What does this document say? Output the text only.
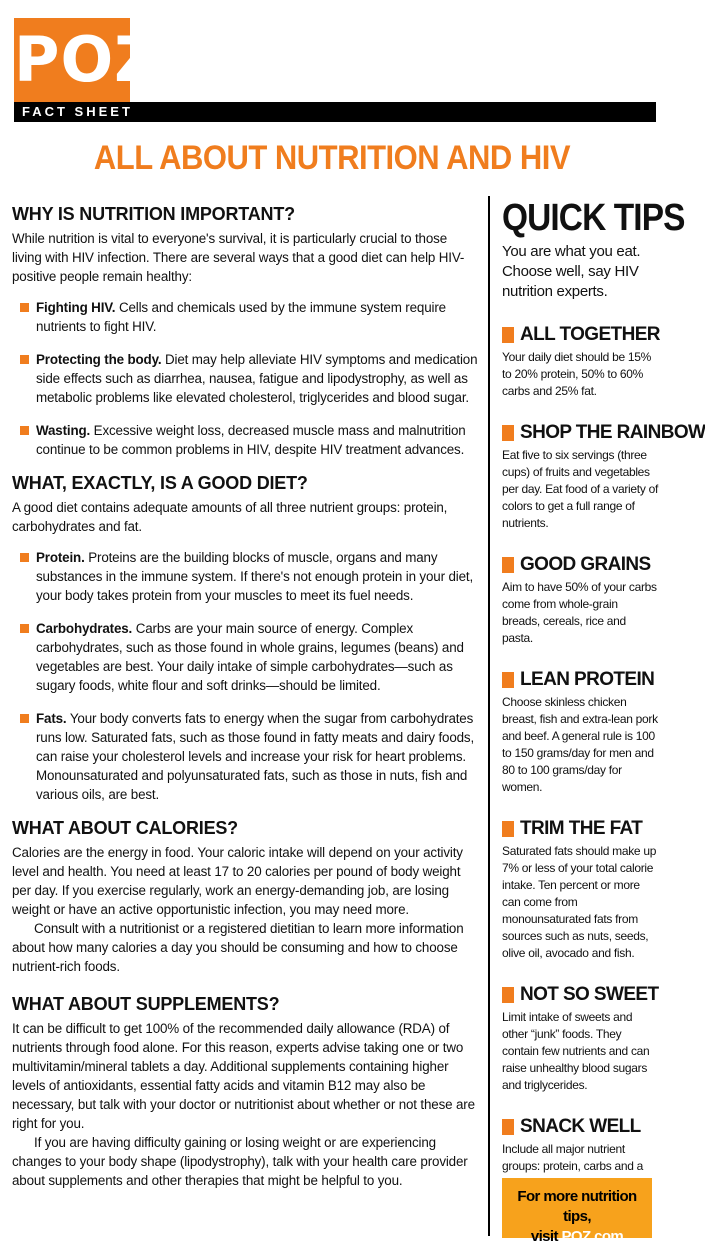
POZ
FACT SHEET
ALL ABOUT NUTRITION AND HIV
WHY IS NUTRITION IMPORTANT?

While nutrition is vital to everyone's survival, it is particularly crucial to those living with HIV infection. There are several ways that a good diet can help HIV-positive people remain healthy:

Fighting HIV. Cells and chemicals used by the immune system require nutrients to fight HIV.
Protecting the body. Diet may help alleviate HIV symptoms and medication side effects such as diarrhea, nausea, fatigue and lipodystrophy, as well as metabolic problems like elevated cholesterol, triglycerides and blood sugar.
Wasting. Excessive weight loss, decreased muscle mass and malnutrition continue to be common problems in HIV, despite HIV treatment advances.
WHAT, EXACTLY, IS A GOOD DIET?

A good diet contains adequate amounts of all three nutrient groups: protein, carbohydrates and fat.

Protein. Proteins are the building blocks of muscle, organs and many substances in the immune system. If there's not enough protein in your diet, your body takes protein from your muscles to meet its fuel needs.
Carbohydrates. Carbs are your main source of energy. Complex carbohydrates, such as those found in whole grains, legumes (beans) and vegetables are best. Your daily intake of simple carbohydrates—such as sugary foods, white flour and soft drinks—should be limited.
Fats. Your body converts fats to energy when the sugar from carbohydrates runs low. Saturated fats, such as those found in fatty meats and dairy foods, can raise your cholesterol levels and increase your risk for heart problems. Monounsaturated and polyunsaturated fats, such as those in nuts, fish and various oils, are best.
WHAT ABOUT CALORIES?

Calories are the energy in food. Your caloric intake will depend on your activity level and health. You need at least 17 to 20 calories per pound of body weight per day. If you exercise regularly, work an energy-demanding job, are losing weight or have an active opportunistic infection, you may need more.

Consult with a nutritionist or a registered dietitian to learn more information about how many calories a day you should be consuming and how to choose nutrient-rich foods.

WHAT ABOUT SUPPLEMENTS?

It can be difficult to get 100% of the recommended daily allowance (RDA) of nutrients through food alone. For this reason, experts advise taking one or two multivitamin/mineral tablets a day. Additional supplements containing higher levels of antioxidants, essential fatty acids and vitamin B12 may also be necessary, but talk with your doctor or nutritionist about whether or not these are right for you.

If you are having difficulty gaining or losing weight or are experiencing changes to your body shape (lipodystrophy), talk with your health care provider about supplements and other therapies that might be helpful to you.

QUICK TIPS
You are what you eat. Choose well, say HIV nutrition experts.
ALL TOGETHER
Your daily diet should be 15% to 20% protein, 50% to 60% carbs and 25% fat.
SHOP THE RAINBOW
Eat five to six servings (three cups) of fruits and vegetables per day. Eat food of a variety of colors to get a full range of nutrients.
GOOD GRAINS
Aim to have 50% of your carbs come from whole-grain breads, cereals, rice and pasta.
LEAN PROTEIN
Choose skinless chicken breast, fish and extra-lean pork and beef. A general rule is 100 to 150 grams/day for men and 80 to 100 grams/day for women.
TRIM THE FAT
Saturated fats should make up 7% or less of your total calorie intake. Ten percent or more can come from monounsaturated fats from sources such as nuts, seeds, olive oil, avocado and fish.
NOT SO SWEET
Limit intake of sweets and other “junk” foods. They contain few nutrients and can raise unhealthy blood sugars and triglycerides.
SNACK WELL
Include all major nutrient groups: protein, carbs and a
For more nutrition tips,
visit POZ.com
